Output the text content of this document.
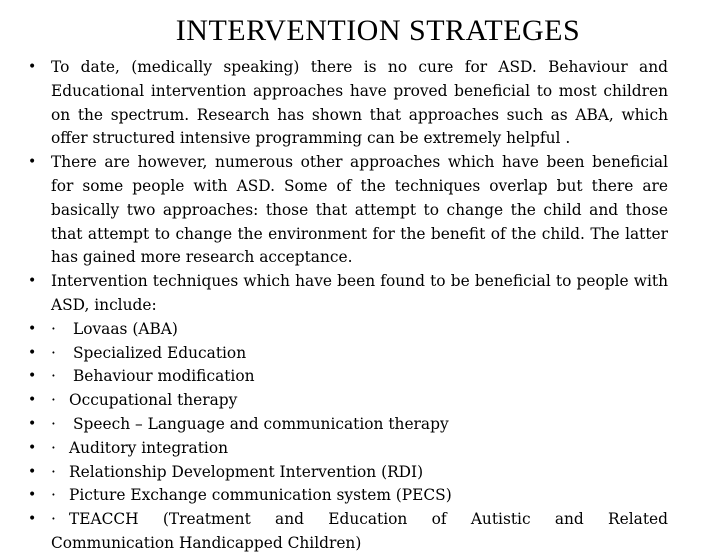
INTERVENTION STRATEGES
• To date, (medically speaking) there is no cure for ASD. Behaviour and Educational intervention approaches have proved beneficial to most children on the spectrum. Research has shown that approaches such as ABA, which offer structured intensive programming can be extremely helpful .
• There are however, numerous other approaches which have been beneficial for some people with ASD. Some of the techniques overlap but there are basically two approaches: those that attempt to change the child and those that attempt to change the environment for the benefit of the child. The latter has gained more research acceptance.
• Intervention techniques which have been found to be beneficial to people with ASD, include:
• · Lovaas (ABA)
• · Specialized Education
• · Behaviour modification
• · Occupational therapy
• · Speech – Language and communication therapy
• · Auditory integration
• · Relationship Development Intervention (RDI)
• · Picture Exchange communication system (PECS)
• · TEACCH (Treatment and Education of Autistic and Related
Communication Handicapped Children)
